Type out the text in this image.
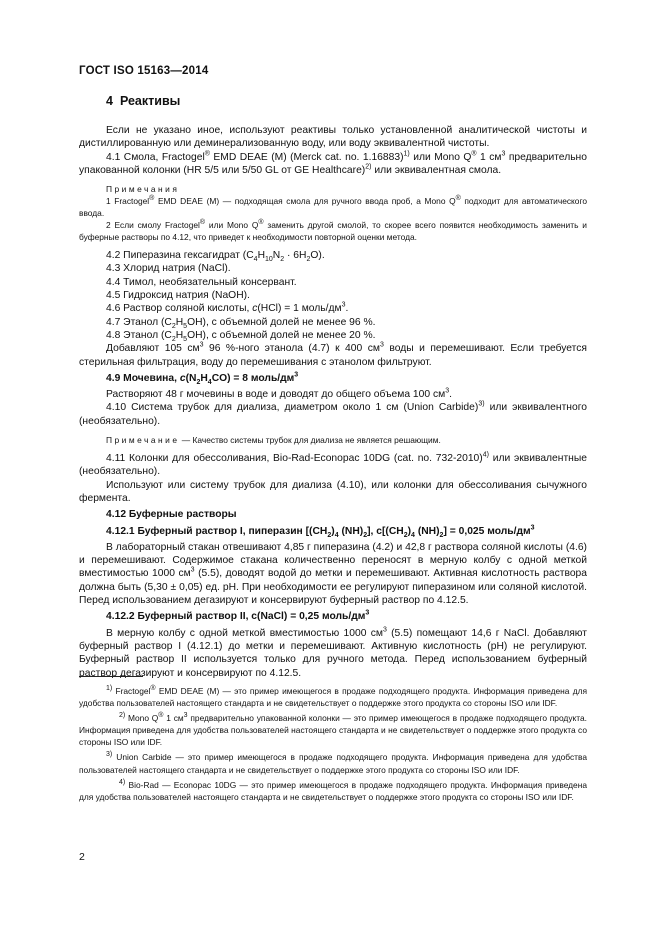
ГОСТ ISO 15163—2014
4 Реактивы

Если не указано иное, используют реактивы только установленной аналитической чистоты и дистиллированную или деминерализованную воду, или воду эквивалентной чистоты.

4.1 Смола, Fractogel® EMD DEAE (M) (Merck cat. no. 1.16883)$^{1)}$ или Mono Q® 1 $см^3$ предварительно упакованной колонки (HR 5/5 или 5/50 GL от GE Healthcare)$^{2)}$ или эквивалентная смола.

Примечания

1 Fractogel® EMD DEAE (M) — подходящая смола для ручного ввода проб, а Mono Q® подходит для автоматического ввода.

2 Если смолу Fractogel® или Mono Q® заменить другой смолой, то скорее всего появится необходимость заменить и буферные растворы по 4.12, что приведет к необходимости повторной оценки метода.

4.2 Пиперазина гексагидрат $(C_4H_{10}N_2 \cdot 6H_2O)$.

4.3 Хлорид натрия (NaCl).

4.4 Тимол, необязательный консервант.

4.5 Гидроксид натрия (NaOH).

4.6 Раствор соляной кислоты, c(HCl) = 1 моль/$дм^3$.

4.7 Этанол $(C_2H_5OH)$, с объемной долей не менее 96 %.

4.8 Этанол $(C_2H_5OH)$, с объемной долей не менее 20 %.

Добавляют 105 $см^3$ 96 %-ного этанола (4.7) к 400 $см^3$ воды и перемешивают. Если требуется стерильная фильтрация, воду до перемешивания с этанолом фильтруют.

4.9 Мочевина, $c(N_2H_4CO) = 8$ моль/$дм^3$

Растворяют 48 г мочевины в воде и доводят до общего объема 100 $см^3$.

4.10 Система трубок для диализа, диаметром около 1 см (Union Carbide)$^{3)}$ или эквивалентного (необязательно).

Примечание — Качество системы трубок для диализа не является решающим.

4.11 Колонки для обессоливания, Bio-Rad-Econopac 10DG (cat. no. 732-2010)$^{4)}$ или эквивалентные (необязательно).

Используют или систему трубок для диализа (4.10), или колонки для обессоливания сычужного фермента.

4.12 Буферные растворы

4.12.1 Буферный раствор I, пиперазин [$(CH_2)_4$ $(NH)_2$], $c[(CH_2)_4$ $(NH)_2] = 0,025$ моль/$дм^3$

В лабораторный стакан отвешивают 4,85 г пиперазина (4.2) и 42,8 г раствора соляной кислоты (4.6) и перемешивают. Содержимое стакана количественно переносят в мерную колбу с одной меткой вместимостью 1000 $см^3$ (5.5), доводят водой до метки и перемешивают. Активная кислотность раствора должна быть (5,30 ± 0,05) ед. pH. При необходимости ее регулируют пиперазином или соляной кислотой. Перед использованием дегазируют и консервируют буферный раствор по 4.12.5.

4.12.2 Буферный раствор II, c(NaCl) = 0,25 моль/$дм^3$

В мерную колбу с одной меткой вместимостью 1000 $см^3$ (5.5) помещают 14,6 г NaCl. Добавляют буферный раствор I (4.12.1) до метки и перемешивают. Активную кислотность (pH) не регулируют. Буферный раствор II используется только для ручного метода. Перед использованием буферный раствор дегазируют и консервируют по 4.12.5.

$^{1)}$ Fractogel® EMD DEAE (M) — это пример имеющегося в продаже подходящего продукта. Информация приведена для удобства пользователей настоящего стандарта и не свидетельствует о поддержке этого продукта со стороны ISO или IDF.

$^{2)}$ Mono Q® 1 $см^3$ предварительно упакованной колонки — это пример имеющегося в продаже подходящего продукта. Информация приведена для удобства пользователей настоящего стандарта и не свидетельствует о поддержке этого продукта со стороны ISO или IDF.

$^{3)}$ Union Carbide — это пример имеющегося в продаже подходящего продукта. Информация приведена для удобства пользователей настоящего стандарта и не свидетельствует о поддержке этого продукта со стороны ISO или IDF.

$^{4)}$ Bio-Rad — Econopac 10DG — это пример имеющегося в продаже подходящего продукта. Информация приведена для удобства пользователей настоящего стандарта и не свидетельствует о поддержке этого продукта со стороны ISO или IDF.

2
